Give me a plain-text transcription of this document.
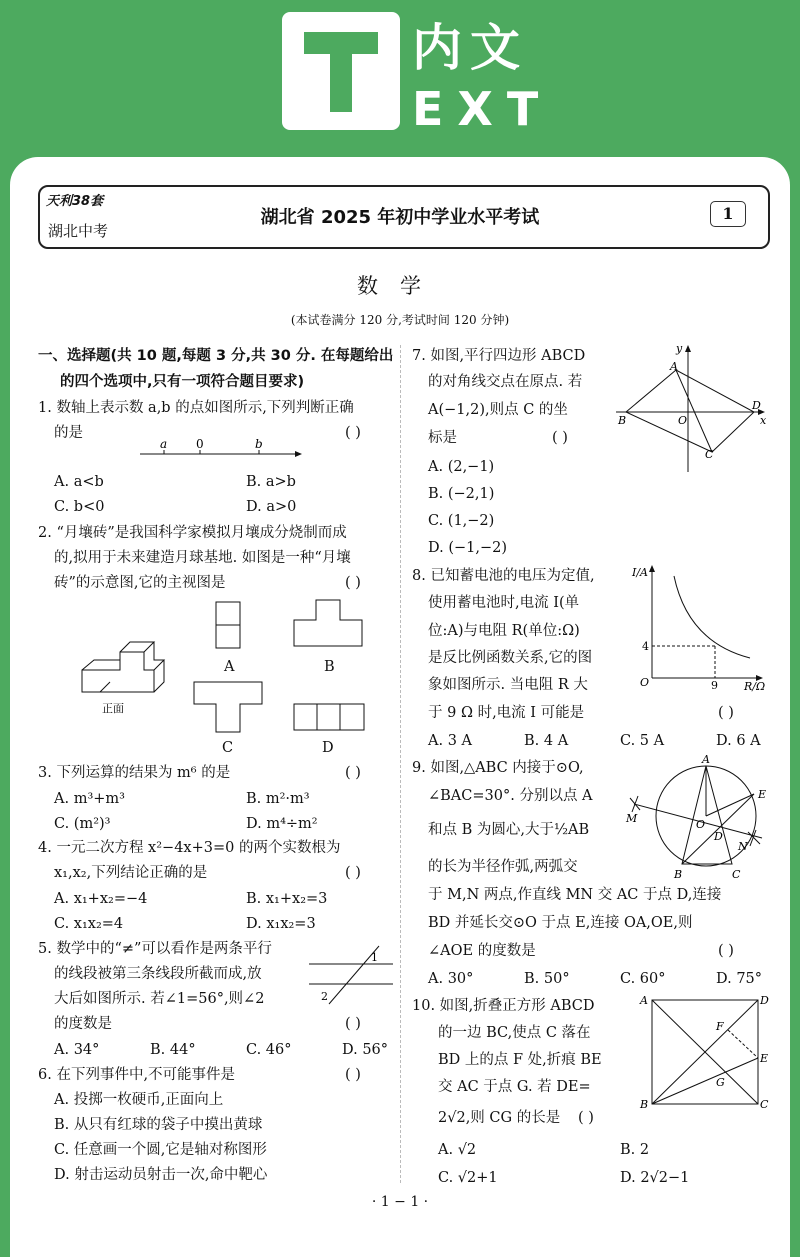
内文
EXT
天利38套
湖北中考
湖北省 2025 年初中学业水平考试	1
数学
(本试卷满分 120 分,考试时间 120 分钟)
一、选择题(共 10 题,每题 3 分,共 30 分. 在每题给出
的四个选项中,只有一项符合题目要求)
1. 数轴上表示数 a,b 的点如图所示,下列判断正确
的是	( )
a 0	b
A. a<b	B. a>b
C. b<0	D. a>0
2. “月壤砖”是我国科学家模拟月壤成分烧制而成
的,拟用于未来建造月球基地. 如图是一种“月壤
砖”的示意图,它的主视图是	( )
正面
A	B
C	D
3. 下列运算的结果为 m⁶ 的是	( )
A. m³+m³	B. m²·m³
C. (m²)³	D. m⁴÷m²
4. 一元二次方程 x²−4x+3=0 的两个实数根为
x₁,x₂,下列结论正确的是	( )
A. x₁+x₂=−4	B. x₁+x₂=3
C. x₁x₂=4	D. x₁x₂=3
5. 数学中的“≠”可以看作是两条平行
的线段被第三条线段所截而成,放
大后如图所示. 若∠1=56°,则∠2
的度数是	( )
1
2
A. 34°	B. 44°	C. 46°	D. 56°
6. 在下列事件中,不可能事件是	( )
A. 投掷一枚硬币,正面向上
B. 从只有红球的袋子中摸出黄球
C. 任意画一个圆,它是轴对称图形
D. 射击运动员射击一次,命中靶心
7. 如图,平行四边形 ABCD
的对角线交点在原点. 若
A(−1,2),则点 C 的坐
标是	( )
y
x
A
B
C
D
O
A. (2,−1)
B. (−2,1)
C. (1,−2)
D. (−1,−2)
8. 已知蓄电池的电压为定值,
使用蓄电池时,电流 I(单
位:A)与电阻 R(单位:Ω)
是反比例函数关系,它的图
象如图所示. 当电阻 R 大
于 9 Ω 时,电流 I 可能是	( )
I/A
R/Ω
O
4
9
A. 3 A	B. 4 A	C. 5 A	D. 6 A
9. 如图,△ABC 内接于⊙O,
∠BAC=30°. 分别以点 A
和点 B 为圆心,大于½AB
的长为半径作弧,两弧交
于 M,N 两点,作直线 MN 交 AC 于点 D,连接
BD 并延长交⊙O 于点 E,连接 OA,OE,则
∠AOE 的度数是	( )
A
B	C
D
E
M
N
O
A. 30°	B. 50°	C. 60°	D. 75°
10. 如图,折叠正方形 ABCD
的一边 BC,使点 C 落在
BD 上的点 F 处,折痕 BE
交 AC 于点 G. 若 DE=
2√2,则 CG 的长是 ( )
A
B	C
D
E
F
G
A. √2	B. 2
C. √2+1	D. 2√2−1
· 1 − 1 ·
